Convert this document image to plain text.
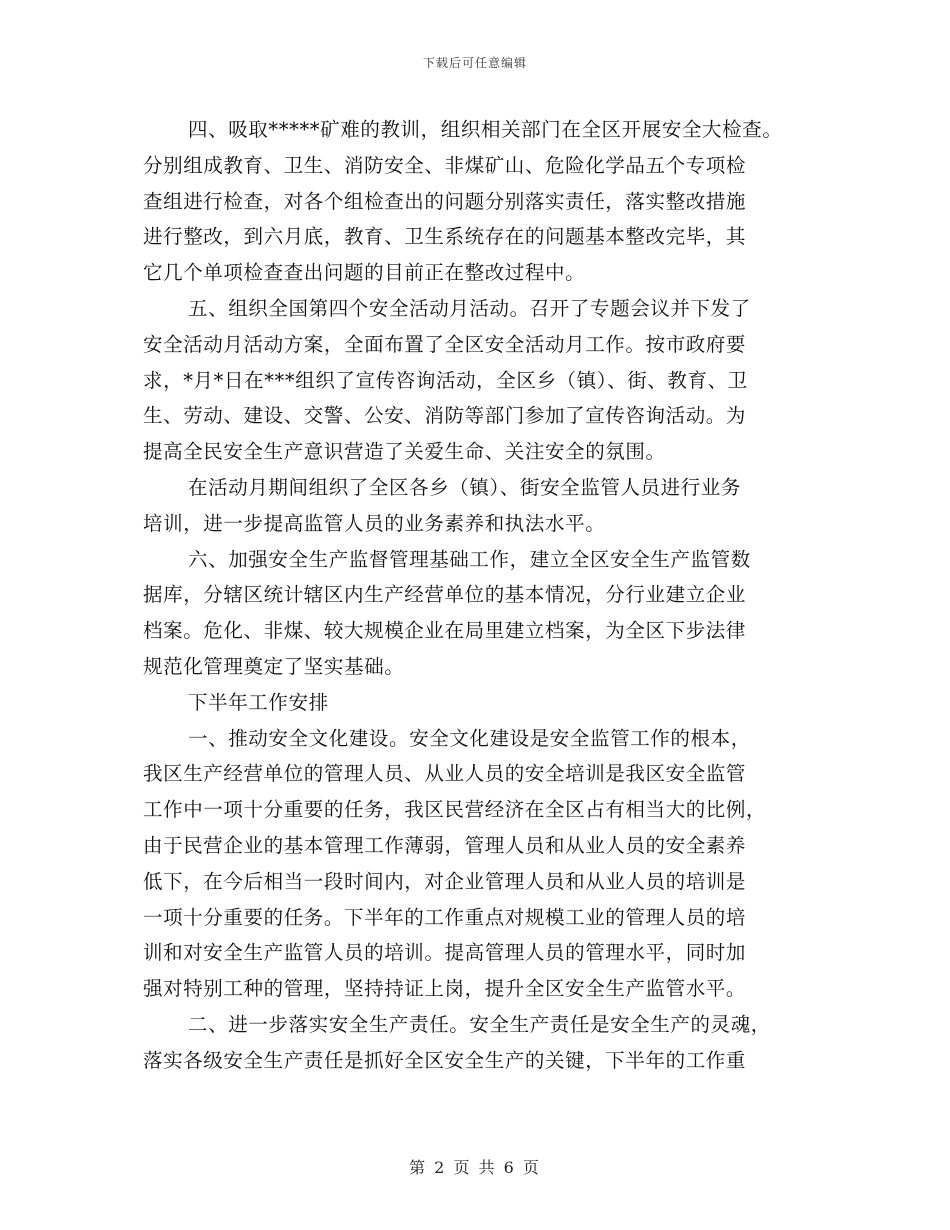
下载后可任意编辑
四、吸取*****矿难的教训，组织相关部门在全区开展安全大检查。
分别组成教育、卫生、消防安全、非煤矿山、危险化学品五个专项检
查组进行检查，对各个组检查出的问题分别落实责任，落实整改措施
进行整改，到六月底，教育、卫生系统存在的问题基本整改完毕，其
它几个单项检查查出问题的目前正在整改过程中。
五、组织全国第四个安全活动月活动。召开了专题会议并下发了
安全活动月活动方案，全面布置了全区安全活动月工作。按市政府要
求，*月*日在***组织了宣传咨询活动，全区乡（镇）、街、教育、卫
生、劳动、建设、交警、公安、消防等部门参加了宣传咨询活动。为
提高全民安全生产意识营造了关爱生命、关注安全的氛围。
在活动月期间组织了全区各乡（镇）、街安全监管人员进行业务
培训，进一步提高监管人员的业务素养和执法水平。
六、加强安全生产监督管理基础工作，建立全区安全生产监管数
据库，分辖区统计辖区内生产经营单位的基本情况，分行业建立企业
档案。危化、非煤、较大规模企业在局里建立档案，为全区下步法律
规范化管理奠定了坚实基础。
下半年工作安排
一、推动安全文化建设。安全文化建设是安全监管工作的根本，
我区生产经营单位的管理人员、从业人员的安全培训是我区安全监管
工作中一项十分重要的任务，我区民营经济在全区占有相当大的比例，
由于民营企业的基本管理工作薄弱，管理人员和从业人员的安全素养
低下，在今后相当一段时间内，对企业管理人员和从业人员的培训是
一项十分重要的任务。下半年的工作重点对规模工业的管理人员的培
训和对安全生产监管人员的培训。提高管理人员的管理水平，同时加
强对特别工种的管理，坚持持证上岗，提升全区安全生产监管水平。
二、进一步落实安全生产责任。安全生产责任是安全生产的灵魂，
落实各级安全生产责任是抓好全区安全生产的关键，下半年的工作重
第 2 页 共 6 页
